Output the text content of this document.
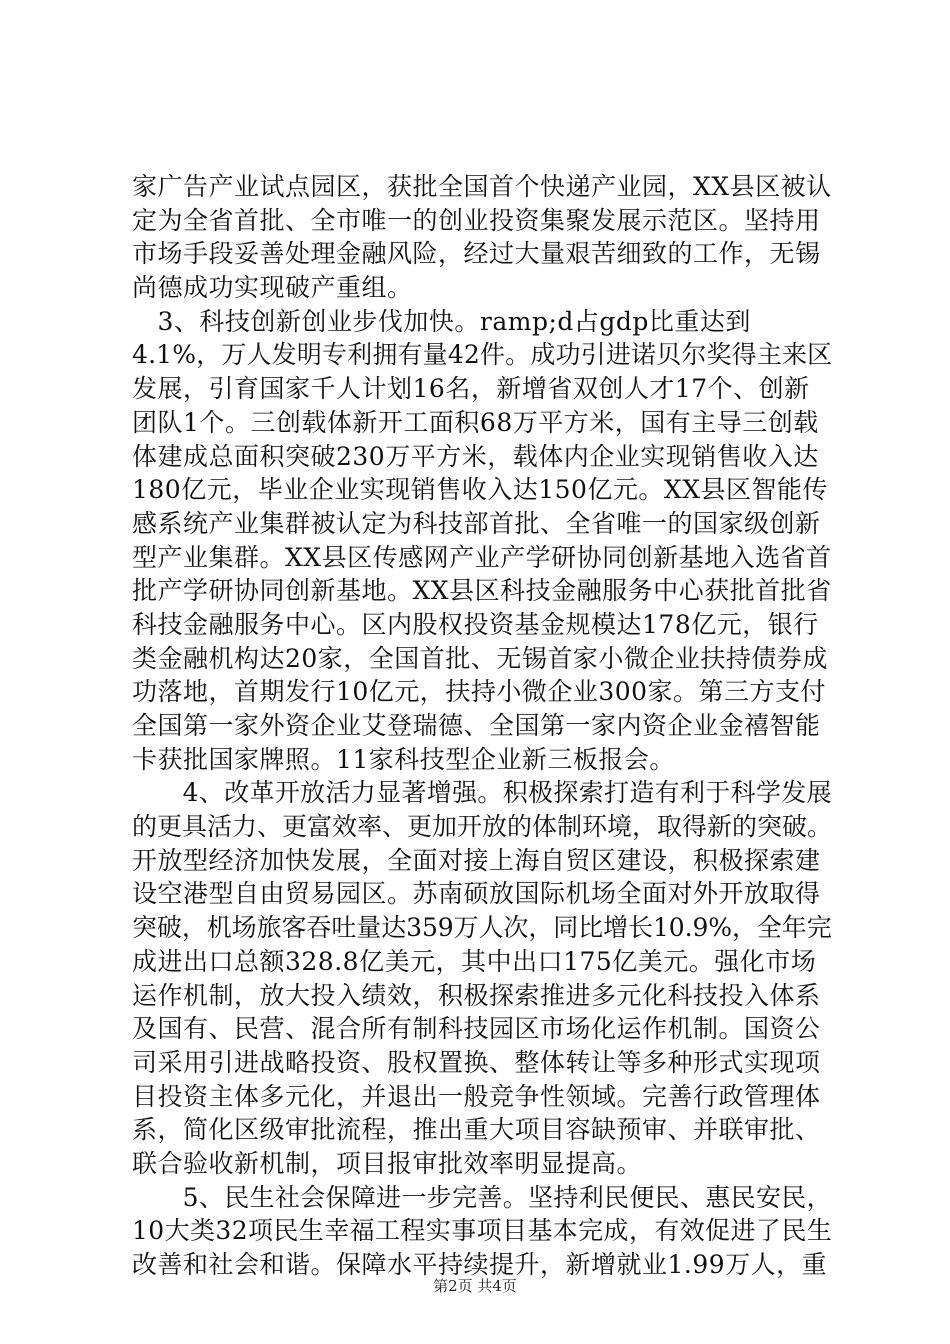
家广告产业试点园区，获批全国首个快递产业园，XX县区被认
定为全省首批、全市唯一的创业投资集聚发展示范区。坚持用
市场手段妥善处理金融风险，经过大量艰苦细致的工作，无锡
尚德成功实现破产重组。
　3、科技创新创业步伐加快。ramp;d占gdp比重达到
4.1%，万人发明专利拥有量42件。成功引进诺贝尔奖得主来区
发展，引育国家千人计划16名，新增省双创人才17个、创新
团队1个。三创载体新开工面积68万平方米，国有主导三创载
体建成总面积突破230万平方米，载体内企业实现销售收入达
180亿元，毕业企业实现销售收入达150亿元。XX县区智能传
感系统产业集群被认定为科技部首批、全省唯一的国家级创新
型产业集群。XX县区传感网产业产学研协同创新基地入选省首
批产学研协同创新基地。XX县区科技金融服务中心获批首批省
科技金融服务中心。区内股权投资基金规模达178亿元，银行
类金融机构达20家，全国首批、无锡首家小微企业扶持债券成
功落地，首期发行10亿元，扶持小微企业300家。第三方支付
全国第一家外资企业艾登瑞德、全国第一家内资企业金禧智能
卡获批国家牌照。11家科技型企业新三板报会。
　　4、改革开放活力显著增强。积极探索打造有利于科学发展
的更具活力、更富效率、更加开放的体制环境，取得新的突破。
开放型经济加快发展，全面对接上海自贸区建设，积极探索建
设空港型自由贸易园区。苏南硕放国际机场全面对外开放取得
突破，机场旅客吞吐量达359万人次，同比增长10.9%，全年完
成进出口总额328.8亿美元，其中出口175亿美元。强化市场
运作机制，放大投入绩效，积极探索推进多元化科技投入体系
及国有、民营、混合所有制科技园区市场化运作机制。国资公
司采用引进战略投资、股权置换、整体转让等多种形式实现项
目投资主体多元化，并退出一般竞争性领域。完善行政管理体
系，简化区级审批流程，推出重大项目容缺预审、并联审批、
联合验收新机制，项目报审批效率明显提高。
　　5、民生社会保障进一步完善。坚持利民便民、惠民安民，
10大类32项民生幸福工程实事项目基本完成，有效促进了民生
改善和社会和谐。保障水平持续提升，新增就业1.99万人，重
第2页 共4页
